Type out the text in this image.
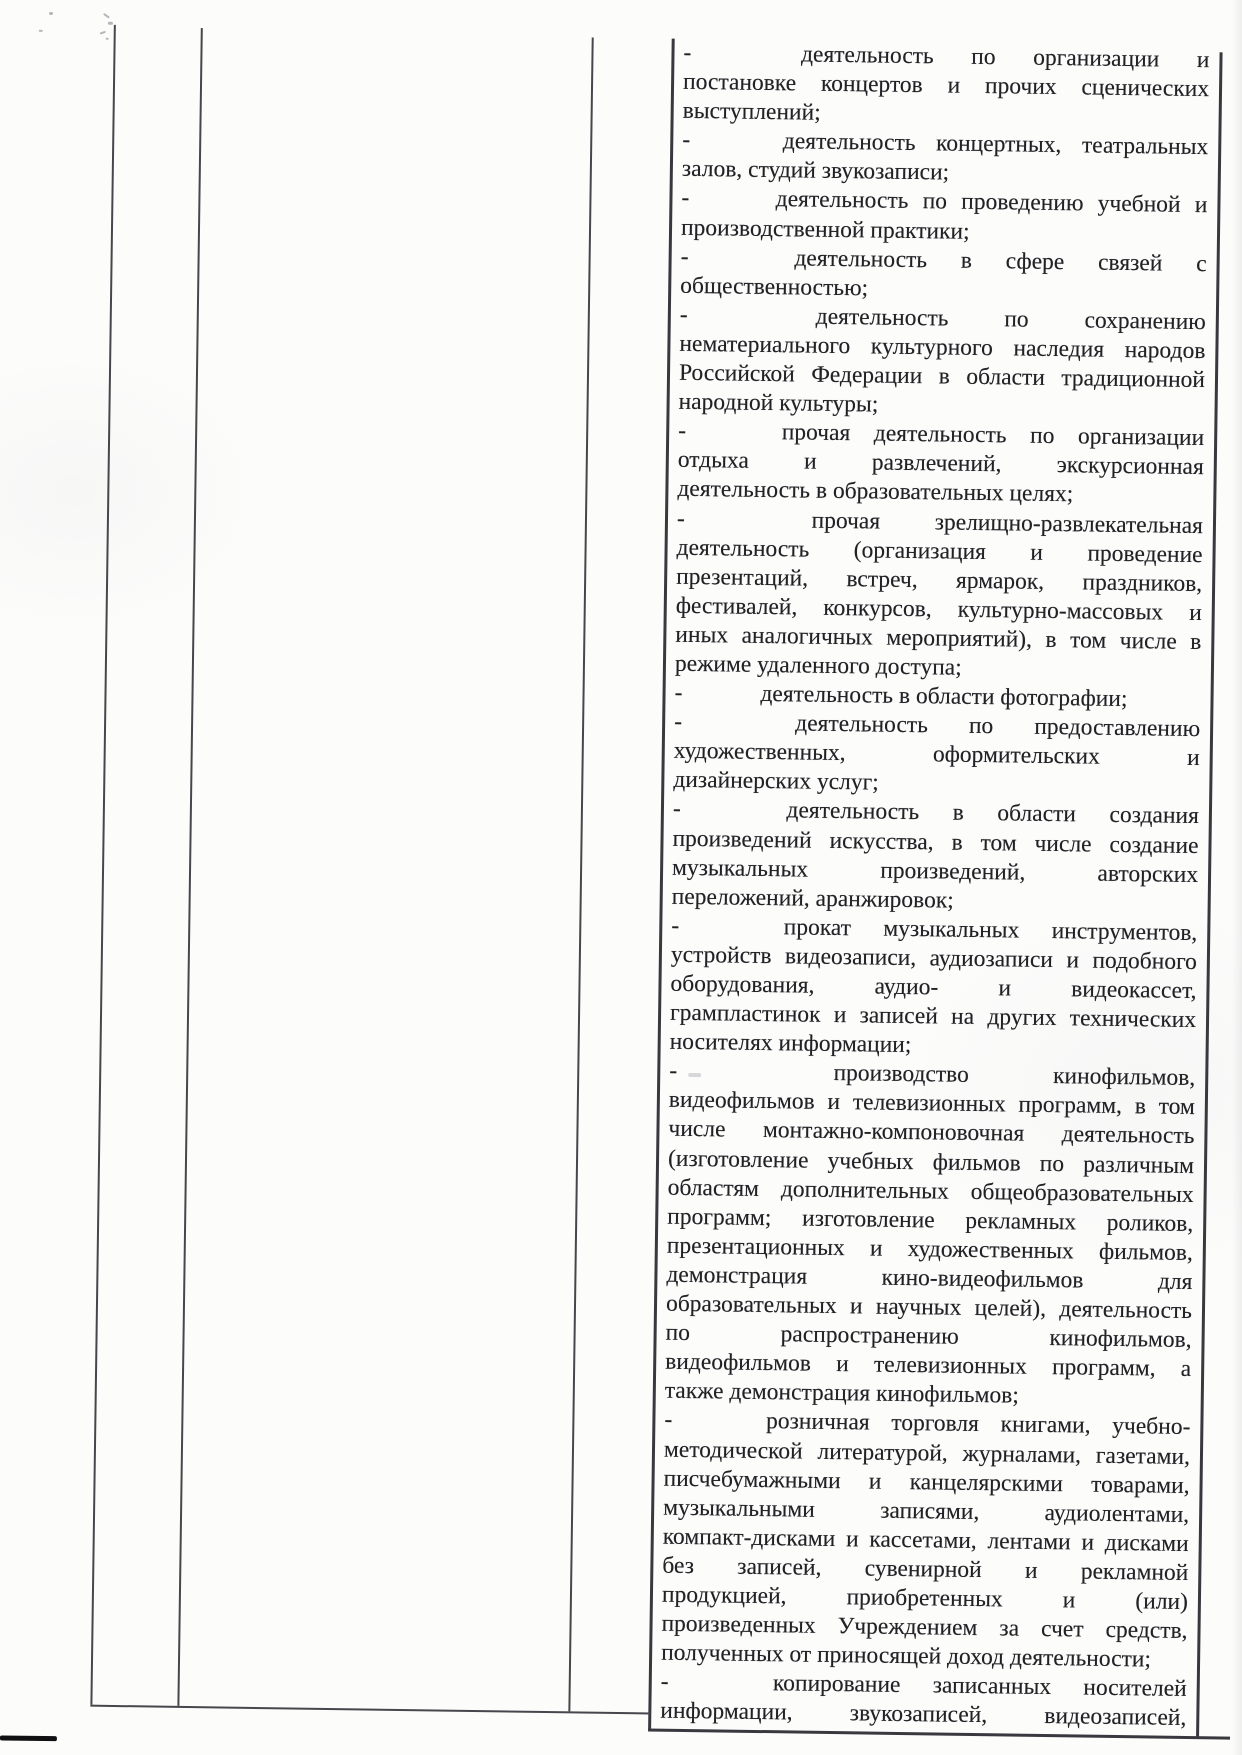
-	деятельность по организации и
постановке концертов и прочих сценических
выступлений;
-	деятельность концертных, театральных
залов, студий звукозаписи;
-	деятельность по проведению учебной и
производственной практики;
-	деятельность в сфере связей с
общественностью;
-	деятельность по сохранению
нематериального культурного наследия народов
Российской Федерации в области традиционной
народной культуры;
-	прочая деятельность по организации
отдыха и развлечений, экскурсионная
деятельность в образовательных целях;
-	прочая зрелищно-развлекательная
деятельность (организация и проведение
презентаций, встреч, ярмарок, праздников,
фестивалей, конкурсов, культурно-массовых и
иных аналогичных мероприятий), в том числе в
режиме удаленного доступа;
-	деятельность в области фотографии;
-	деятельность по предоставлению
художественных, оформительских и
дизайнерских услуг;
-	деятельность в области создания
произведений искусства, в том числе создание
музыкальных произведений, авторских
переложений, аранжировок;
-	прокат музыкальных инструментов,
устройств видеозаписи, аудиозаписи и подобного
оборудования, аудио- и видеокассет,
грампластинок и записей на других технических
носителях информации;
-	производство кинофильмов,
видеофильмов и телевизионных программ, в том
числе монтажно-компоновочная деятельность
(изготовление учебных фильмов по различным
областям дополнительных общеобразовательных
программ; изготовление рекламных роликов,
презентационных и художественных фильмов,
демонстрация кино-видеофильмов для
образовательных и научных целей), деятельность
по распространению кинофильмов,
видеофильмов и телевизионных программ, а
также демонстрация кинофильмов;
-	розничная торговля книгами, учебно-
методической литературой, журналами, газетами,
писчебумажными и канцелярскими товарами,
музыкальными записями, аудиолентами,
компакт-дисками и кассетами, лентами и дисками
без записей, сувенирной и рекламной
продукцией, приобретенных и (или)
произведенных Учреждением за счет средств,
полученных от приносящей доход деятельности;
-	копирование записанных носителей
информации, звукозаписей, видеозаписей,
